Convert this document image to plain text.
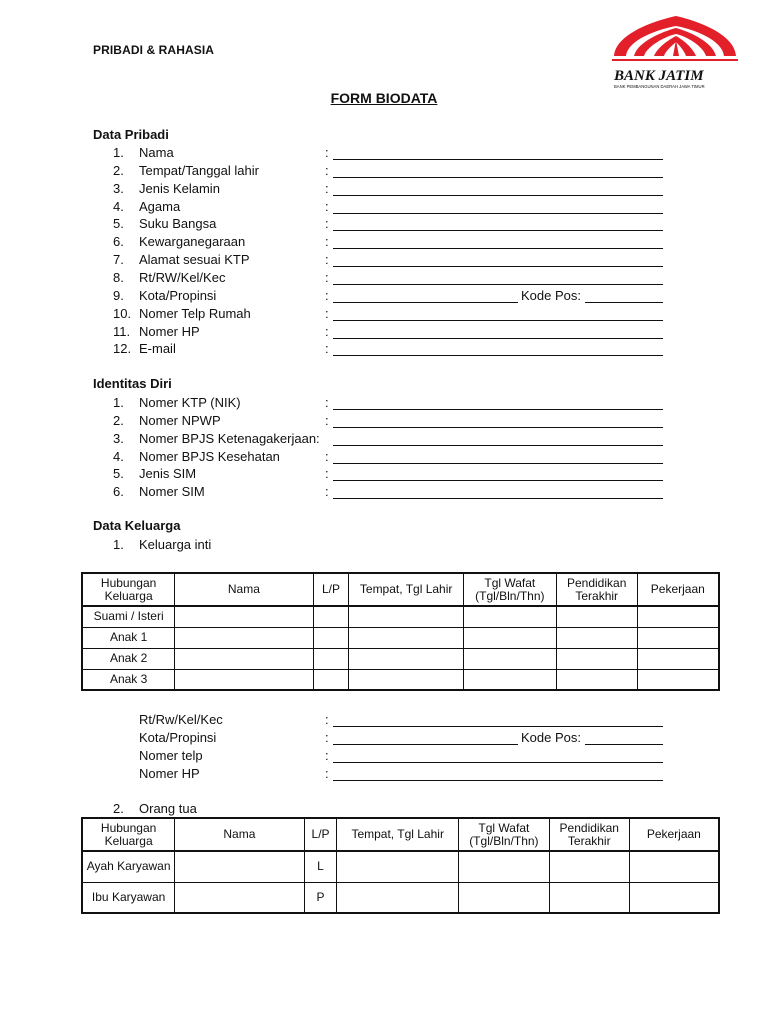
PRIBADI & RAHASIA
BANK JATIM
BANK PEMBANGUNAN DAERAH JAWA TIMUR
FORM BIODATA
Data Pribadi
1.	Nama	:
2.	Tempat/Tanggal lahir	:
3.	Jenis Kelamin	:
4.	Agama	:
5.	Suku Bangsa	:
6.	Kewarganegaraan	:
7.	Alamat sesuai KTP	:
8.	Rt/RW/Kel/Kec	:
9.	Kota/Propinsi	:	Kode Pos:
10. Nomer Telp Rumah	:
11. Nomer HP	:
12. E-mail	:
Identitas Diri
1.	Nomer KTP (NIK)	:
2.	Nomer NPWP	:
3.	Nomer BPJS Ketenagakerjaan:
4.	Nomer BPJS Kesehatan	:
5.	Jenis SIM	:
6.	Nomer SIM	:
Data Keluarga
1.	Keluarga inti
Hubungan Keluarga	Nama	L/P	Tempat, Tgl Lahir	Tgl Wafat (Tgl/Bln/Thn)	Pendidikan Terakhir	Pekerjaan
Suami / Isteri						
Anak 1						
Anak 2						
Anak 3						
Rt/Rw/Kel/Kec	:
Kota/Propinsi	:	Kode Pos:
Nomer telp	:
Nomer HP	:
2.	Orang tua
Hubungan Keluarga	Nama	L/P	Tempat, Tgl Lahir	Tgl Wafat (Tgl/Bln/Thn)	Pendidikan Terakhir	Pekerjaan
Ayah Karyawan		L				
Ibu Karyawan		P				
